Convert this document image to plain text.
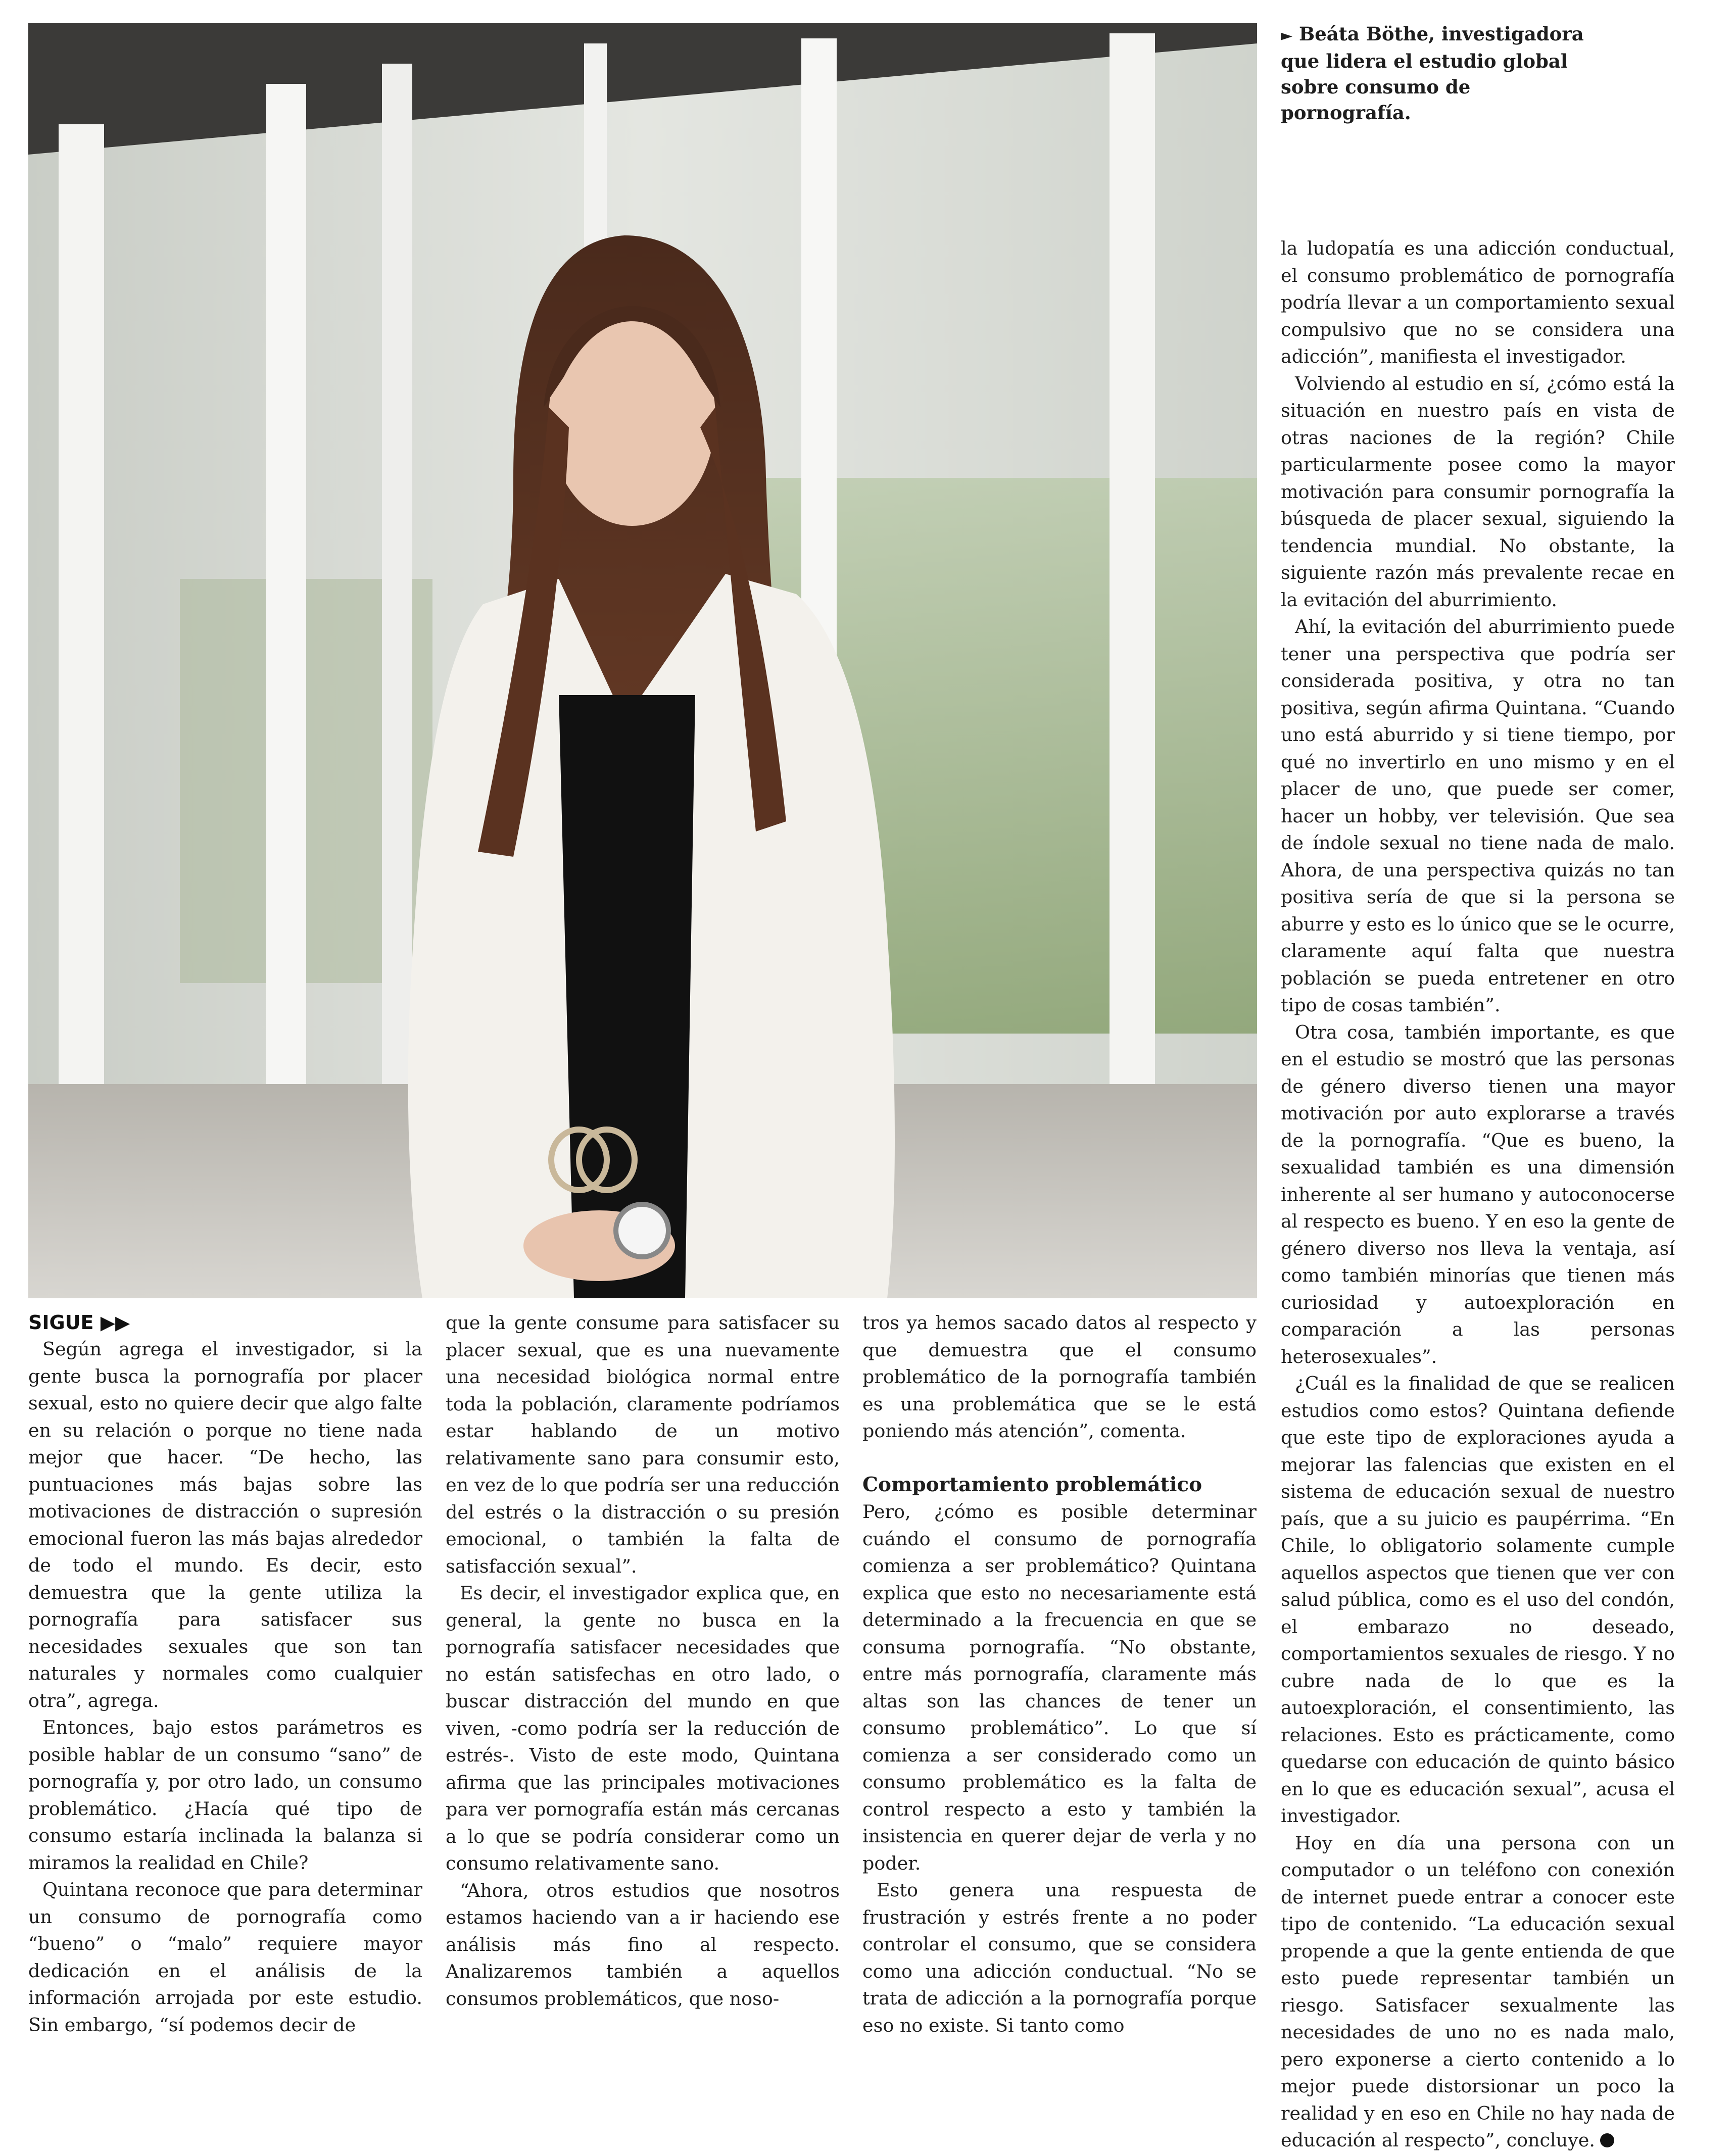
► Beáta Böthe, investigadora que lidera el estudio global sobre consumo de pornografía.
SIGUE ▶▶

Según agrega el investigador, si la gente busca la pornografía por placer sexual, esto no quiere decir que algo falte en su relación o porque no tiene nada mejor que hacer. “De hecho, las puntuaciones más bajas sobre las motivaciones de distracción o supresión emocional fueron las más bajas alrededor de todo el mundo. Es decir, esto demuestra que la gente utiliza la pornografía para satisfacer sus necesidades sexuales que son tan naturales y normales como cualquier otra”, agrega.

Entonces, bajo estos parámetros es posible hablar de un consumo “sano” de pornografía y, por otro lado, un consumo problemático. ¿Hacía qué tipo de consumo estaría inclinada la balanza si miramos la realidad en Chile?

Quintana reconoce que para determinar un consumo de pornografía como “bueno” o “malo” requiere mayor dedicación en el análisis de la información arrojada por este estudio. Sin embargo, “sí podemos decir de

que la gente consume para satisfacer su placer sexual, que es una nuevamente una necesidad biológica normal entre toda la población, claramente podríamos estar hablando de un motivo relativamente sano para consumir esto, en vez de lo que podría ser una reducción del estrés o la distracción o su presión emocional, o también la falta de satisfacción sexual”.

Es decir, el investigador explica que, en general, la gente no busca en la pornografía satisfacer necesidades que no están satisfechas en otro lado, o buscar distracción del mundo en que viven, -como podría ser la reducción de estrés-. Visto de este modo, Quintana afirma que las principales motivaciones para ver pornografía están más cercanas a lo que se podría considerar como un consumo relativamente sano.

“Ahora, otros estudios que nosotros estamos haciendo van a ir haciendo ese análisis más fino al respecto. Analizaremos también a aquellos consumos problemáticos, que noso-

tros ya hemos sacado datos al respecto y que demuestra que el consumo problemático de la pornografía también es una problemática que se le está poniendo más atención”, comenta.

Comportamiento problemático

Pero, ¿cómo es posible determinar cuándo el consumo de pornografía comienza a ser problemático? Quintana explica que esto no necesariamente está determinado a la frecuencia en que se consuma pornografía. “No obstante, entre más pornografía, claramente más altas son las chances de tener un consumo problemático”. Lo que sí comienza a ser considerado como un consumo problemático es la falta de control respecto a esto y también la insistencia en querer dejar de verla y no poder.

Esto genera una respuesta de frustración y estrés frente a no poder controlar el consumo, que se considera como una adicción conductual. “No se trata de adicción a la pornografía porque eso no existe. Si tanto como

la ludopatía es una adicción conductual, el consumo problemático de pornografía podría llevar a un comportamiento sexual compulsivo que no se considera una adicción”, manifiesta el investigador.

Volviendo al estudio en sí, ¿cómo está la situación en nuestro país en vista de otras naciones de la región? Chile particularmente posee como la mayor motivación para consumir pornografía la búsqueda de placer sexual, siguiendo la tendencia mundial. No obstante, la siguiente razón más prevalente recae en la evitación del aburrimiento.

Ahí, la evitación del aburrimiento puede tener una perspectiva que podría ser considerada positiva, y otra no tan positiva, según afirma Quintana. “Cuando uno está aburrido y si tiene tiempo, por qué no invertirlo en uno mismo y en el placer de uno, que puede ser comer, hacer un hobby, ver televisión. Que sea de índole sexual no tiene nada de malo. Ahora, de una perspectiva quizás no tan positiva sería de que si la persona se aburre y esto es lo único que se le ocurre, claramente aquí falta que nuestra población se pueda entretener en otro tipo de cosas también”.

Otra cosa, también importante, es que en el estudio se mostró que las personas de género diverso tienen una mayor motivación por auto explorarse a través de la pornografía. “Que es bueno, la sexualidad también es una dimensión inherente al ser humano y autoconocerse al respecto es bueno. Y en eso la gente de género diverso nos lleva la ventaja, así como también minorías que tienen más curiosidad y autoexploración en comparación a las personas heterosexuales”.

¿Cuál es la finalidad de que se realicen estudios como estos? Quintana defiende que este tipo de exploraciones ayuda a mejorar las falencias que existen en el sistema de educación sexual de nuestro país, que a su juicio es paupérrima. “En Chile, lo obligatorio solamente cumple aquellos aspectos que tienen que ver con salud pública, como es el uso del condón, el embarazo no deseado, comportamientos sexuales de riesgo. Y no cubre nada de lo que es la autoexploración, el consentimiento, las relaciones. Esto es prácticamente, como quedarse con educación de quinto básico en lo que es educación sexual”, acusa el investigador.

Hoy en día una persona con un computador o un teléfono con conexión de internet puede entrar a conocer este tipo de contenido. “La educación sexual propende a que la gente entienda de que esto puede representar también un riesgo. Satisfacer sexualmente las necesidades de uno no es nada malo, pero exponerse a cierto contenido a lo mejor puede distorsionar un poco la realidad y en eso en Chile no hay nada de educación al respecto”, concluye.
